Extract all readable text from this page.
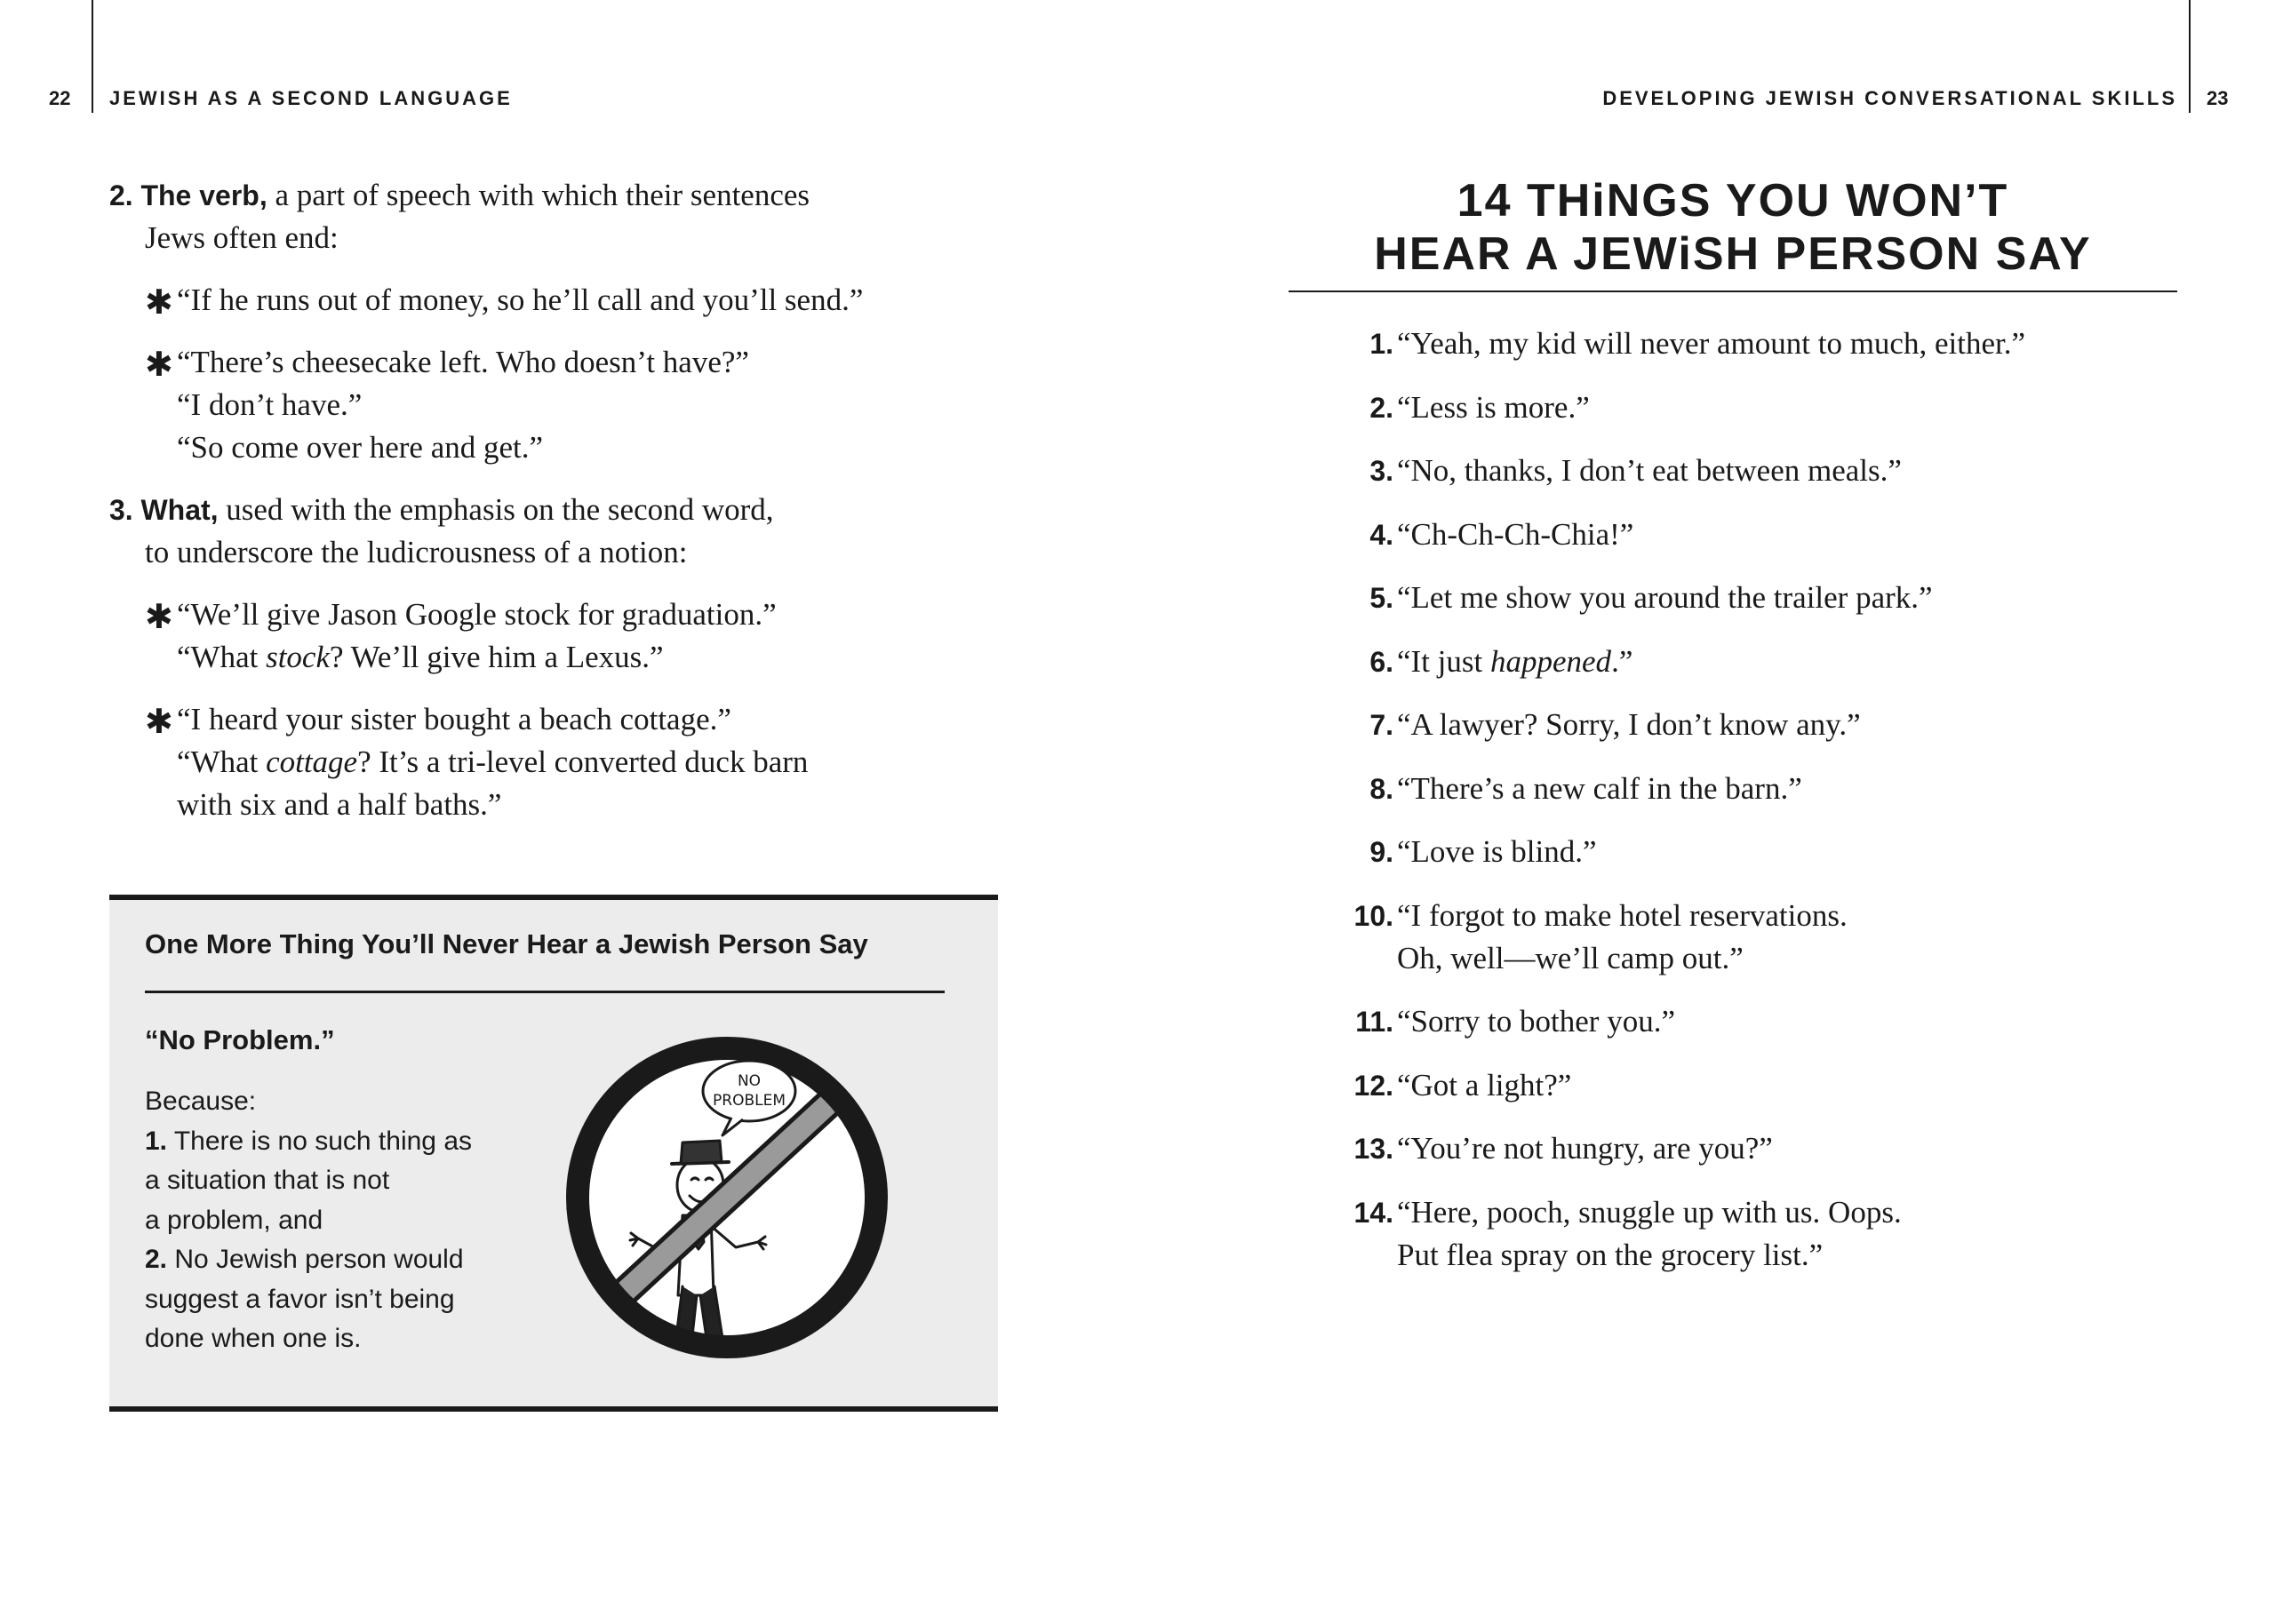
22 JEWISH AS A SECOND LANGUAGE	DEVELOPING JEWISH CONVERSATIONAL SKILLS 23
2. The verb, a part of speech with which their sentences
Jews often end:
✱ “If he runs out of money, so he’ll call and you’ll send.”
✱ “There’s cheesecake left. Who doesn’t have?”
“I don’t have.”
“So come over here and get.”
3. What, used with the emphasis on the second word,
to underscore the ludicrousness of a notion:
✱ “We’ll give Jason Google stock for graduation.”
“What stock? We’ll give him a Lexus.”
✱ “I heard your sister bought a beach cottage.”
“What cottage? It’s a tri-level converted duck barn
with six and a half baths.”
One More Thing You’ll Never Hear a Jewish Person Say
“No Problem.”
Because:
1. There is no such thing as
a situation that is not
a problem, and
2. No Jewish person would
suggest a favor isn’t being
done when one is.
NO
PROBLEM
14 THiNGS YOU WON’T
HEAR A JEWiSH PERSON SAY
1. “Yeah, my kid will never amount to much, either.”
2. “Less is more.”
3. “No, thanks, I don’t eat between meals.”
4. “Ch-Ch-Ch-Chia!”
5. “Let me show you around the trailer park.”
6. “It just happened.”
7. “A lawyer? Sorry, I don’t know any.”
8. “There’s a new calf in the barn.”
9. “Love is blind.”
10. “I forgot to make hotel reservations.
Oh, well—we’ll camp out.”
11. “Sorry to bother you.”
12. “Got a light?”
13. “You’re not hungry, are you?”
14. “Here, pooch, snuggle up with us. Oops.
Put flea spray on the grocery list.”
